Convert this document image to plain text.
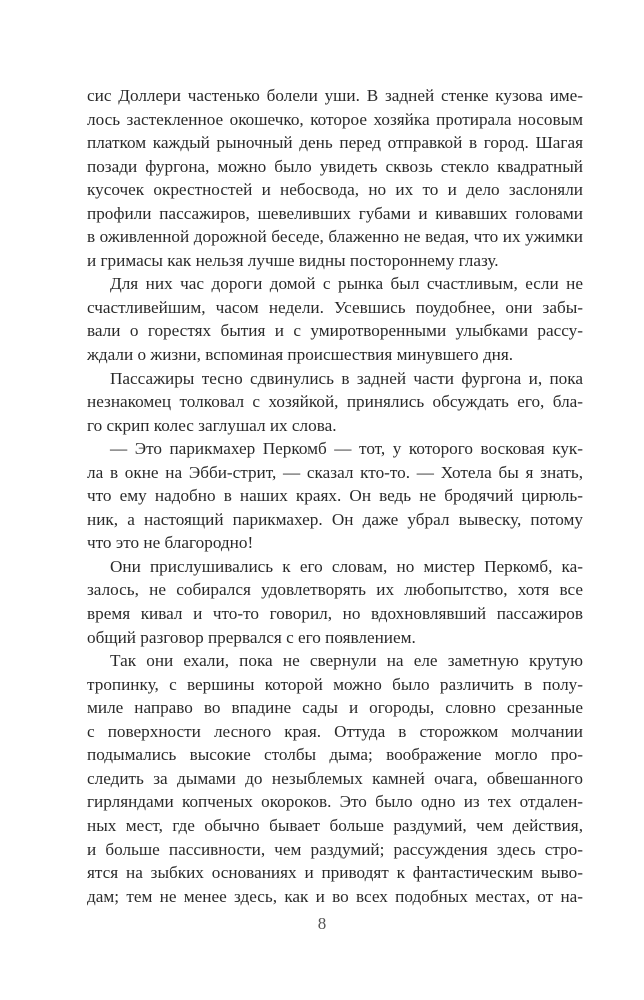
сис Доллери частенько болели уши. В задней стенке кузова име-
лось застекленное окошечко, которое хозяйка протирала носовым
платком каждый рыночный день перед отправкой в город. Шагая
позади фургона, можно было увидеть сквозь стекло квадратный
кусочек окрестностей и небосвода, но их то и дело заслоняли
профили пассажиров, шевеливших губами и кивавших головами
в оживленной дорожной беседе, блаженно не ведая, что их ужимки
и гримасы как нельзя лучше видны постороннему глазу.
Для них час дороги домой с рынка был счастливым, если не
счастливейшим, часом недели. Усевшись поудобнее, они забы-
вали о горестях бытия и с умиротворенными улыбками рассу-
ждали о жизни, вспоминая происшествия минувшего дня.
Пассажиры тесно сдвинулись в задней части фургона и, пока
незнакомец толковал с хозяйкой, принялись обсуждать его, бла-
го скрип колес заглушал их слова.
— Это парикмахер Перкомб — тот, у которого восковая кук-
ла в окне на Эбби-стрит, — сказал кто-то. — Хотела бы я знать,
что ему надобно в наших краях. Он ведь не бродячий цирюль-
ник, а настоящий парикмахер. Он даже убрал вывеску, потому
что это не благородно!
Они прислушивались к его словам, но мистер Перкомб, ка-
залось, не собирался удовлетворять их любопытство, хотя все
время кивал и что-то говорил, но вдохновлявший пассажиров
общий разговор прервался с его появлением.
Так они ехали, пока не свернули на еле заметную крутую
тропинку, с вершины которой можно было различить в полу-
миле направо во впадине сады и огороды, словно срезанные
с поверхности лесного края. Оттуда в сторожком молчании
подымались высокие столбы дыма; воображение могло про-
следить за дымами до незыблемых камней очага, обвешанного
гирляндами копченых окороков. Это было одно из тех отдален-
ных мест, где обычно бывает больше раздумий, чем действия,
и больше пассивности, чем раздумий; рассуждения здесь стро-
ятся на зыбких основаниях и приводят к фантастическим выво-
дам; тем не менее здесь, как и во всех подобных местах, от на-
8
